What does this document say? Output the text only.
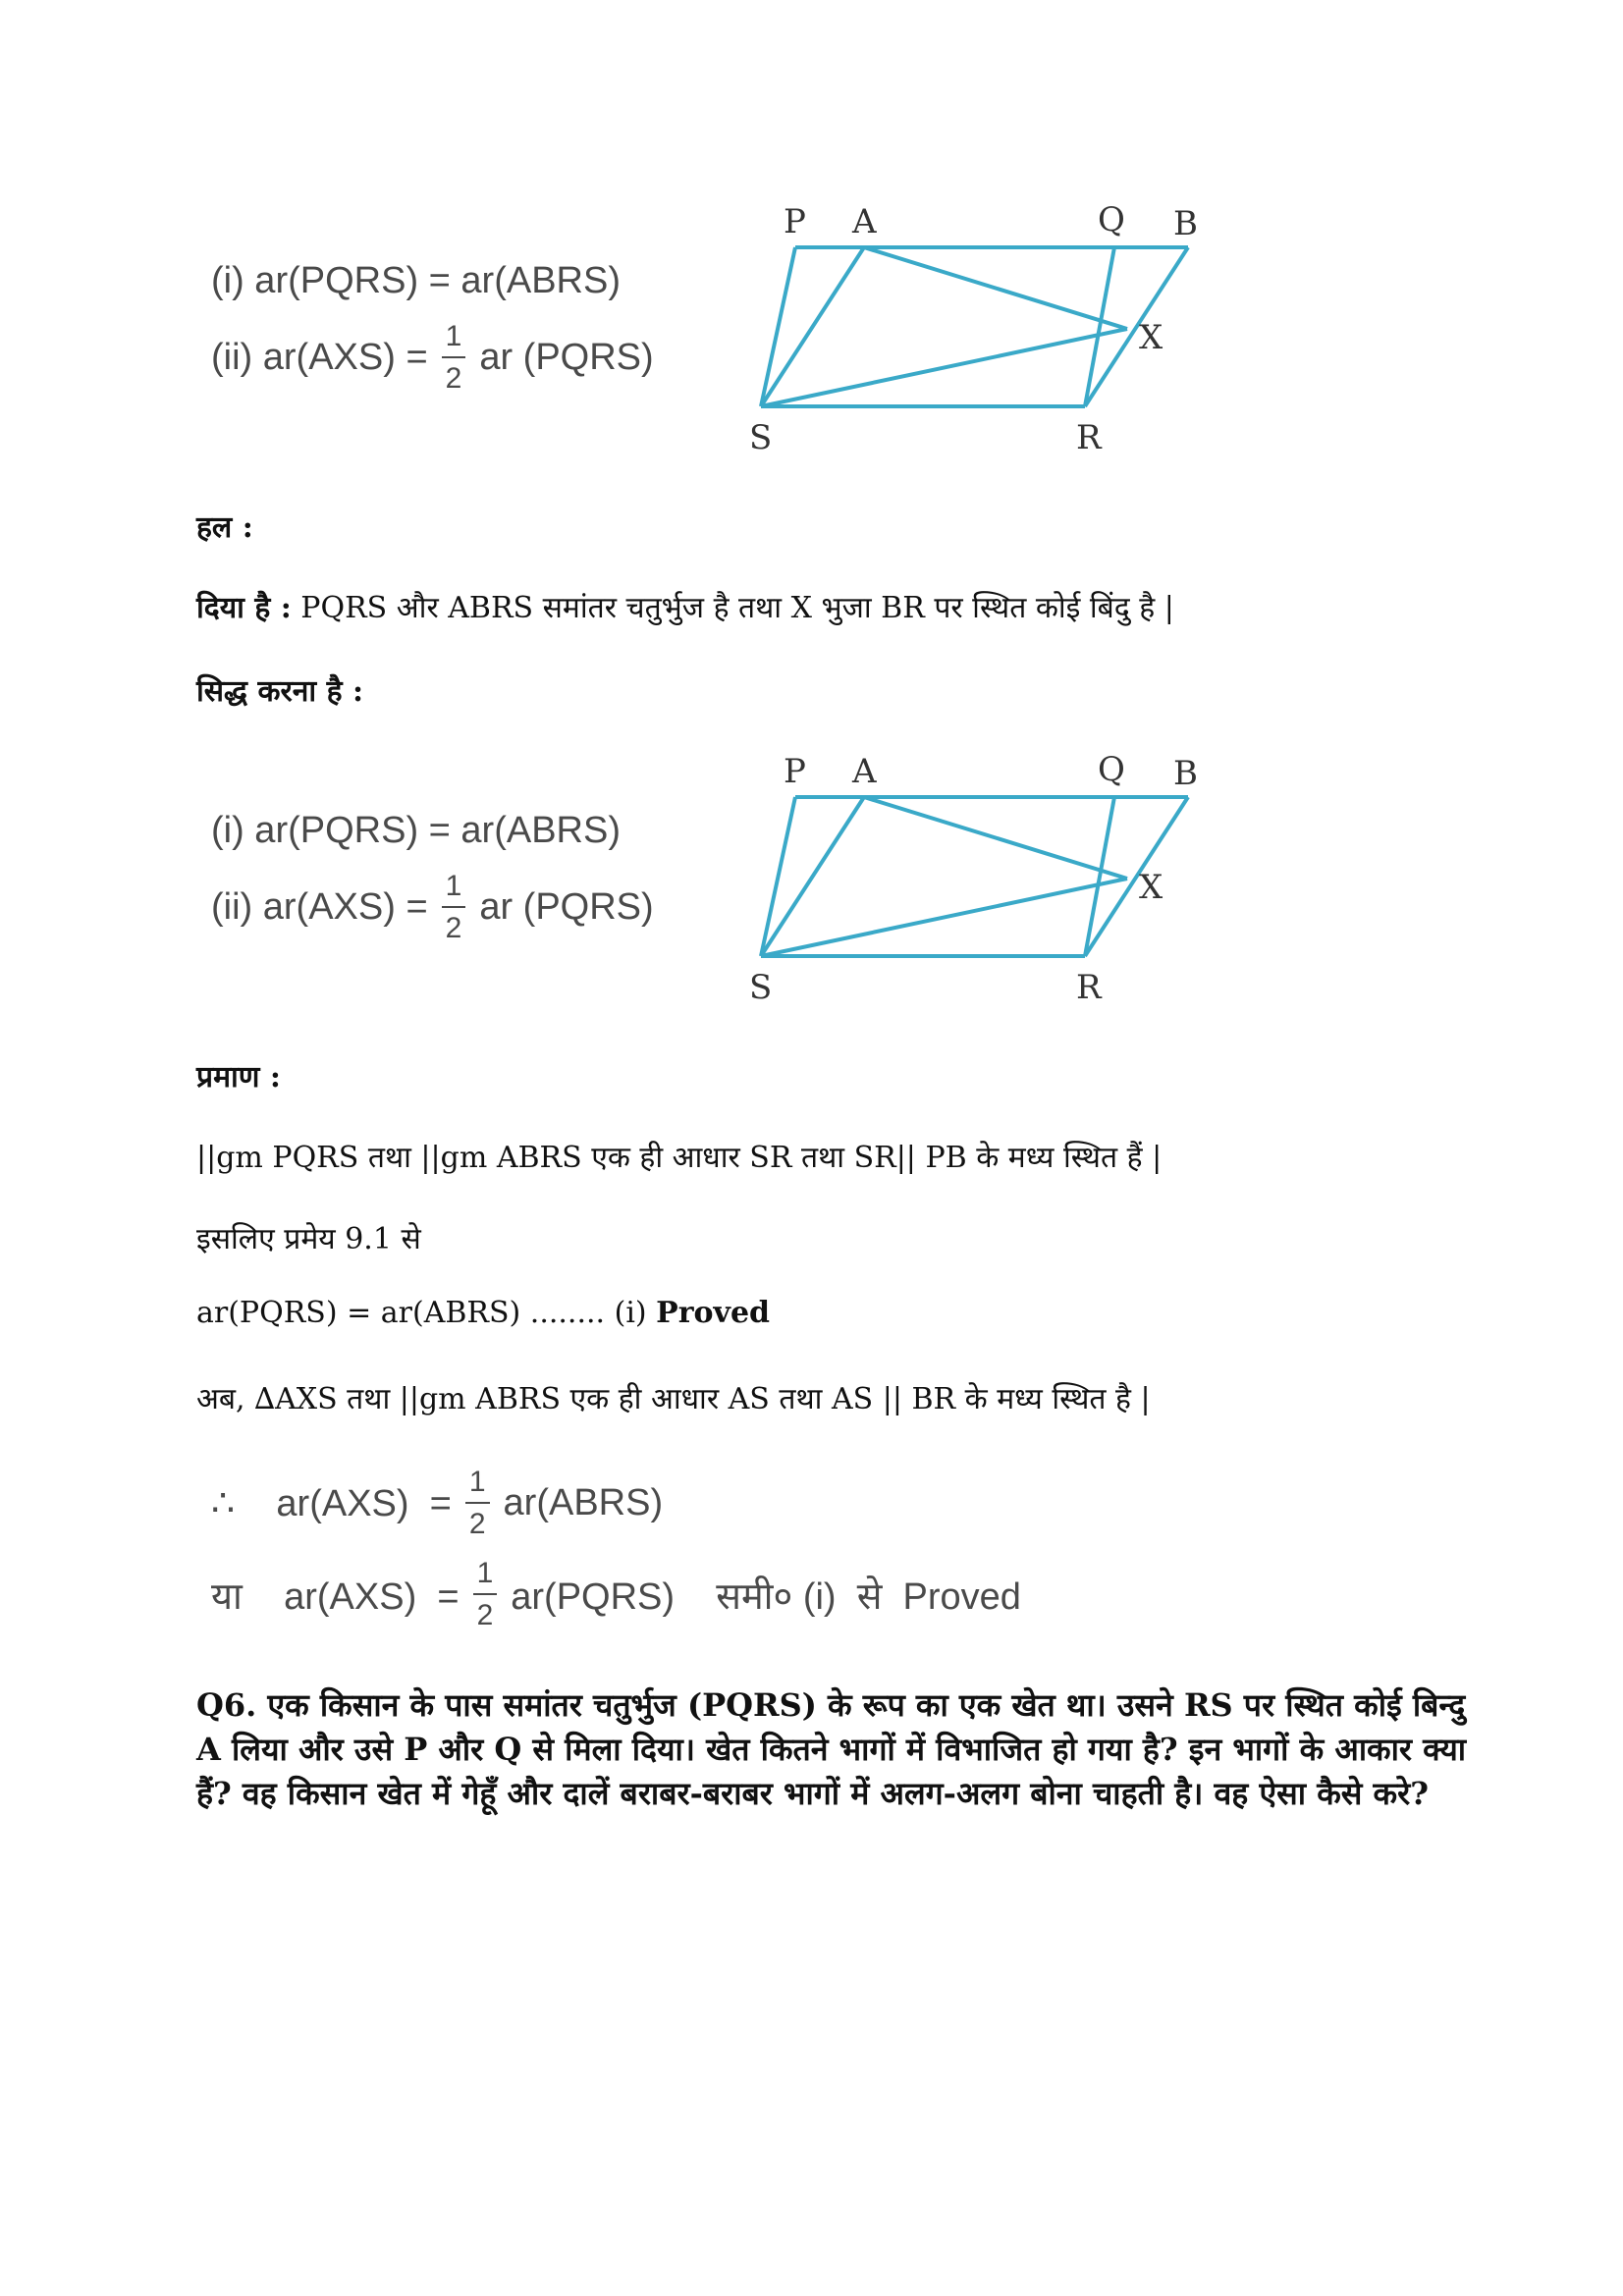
(i) ar(PQRS) = ar(ABRS)
(ii) $ar(AXS) = \frac{1}{2}$ ar (PQRS)
P A	Q B
X
S	R
हल :
दिया है : PQRS और ABRS समांतर चतुर्भुज है तथा X भुजा BR पर स्थित कोई बिंदु है |
सिद्ध करना है :
(i) ar(PQRS) = ar(ABRS)
(ii) $ar(AXS) = \frac{1}{2}$ ar (PQRS)
P A	Q B
X
S	R
प्रमाण :
||gm PQRS तथा ||gm ABRS एक ही आधार SR तथा SR|| PB के मध्य स्थित हैं |
इसलिए प्रमेय 9.1 से
ar(PQRS) = ar(ABRS) ........ (i) Proved
अब, ∆AXS तथा ||gm ABRS एक ही आधार AS तथा AS || BR के मध्य स्थित है |
∴    $ar(AXS) = \frac{1}{2}$ ar(ABRS)
या    $ar(AXS) = \frac{1}{2}$ ar(PQRS)    समी० (i)  से  Proved
Q6. एक किसान के पास समांतर चतुर्भुज (PQRS) के रूप का एक खेत था। उसने RS पर स्थित कोई बिन्दु A लिया और उसे P और Q से मिला दिया। खेत कितने भागों में विभाजित हो गया है? इन भागों के आकार क्या हैं? वह किसान खेत में गेहूँ और दालें बराबर-बराबर भागों में अलग-अलग बोना चाहती है। वह ऐसा कैसे करे?
